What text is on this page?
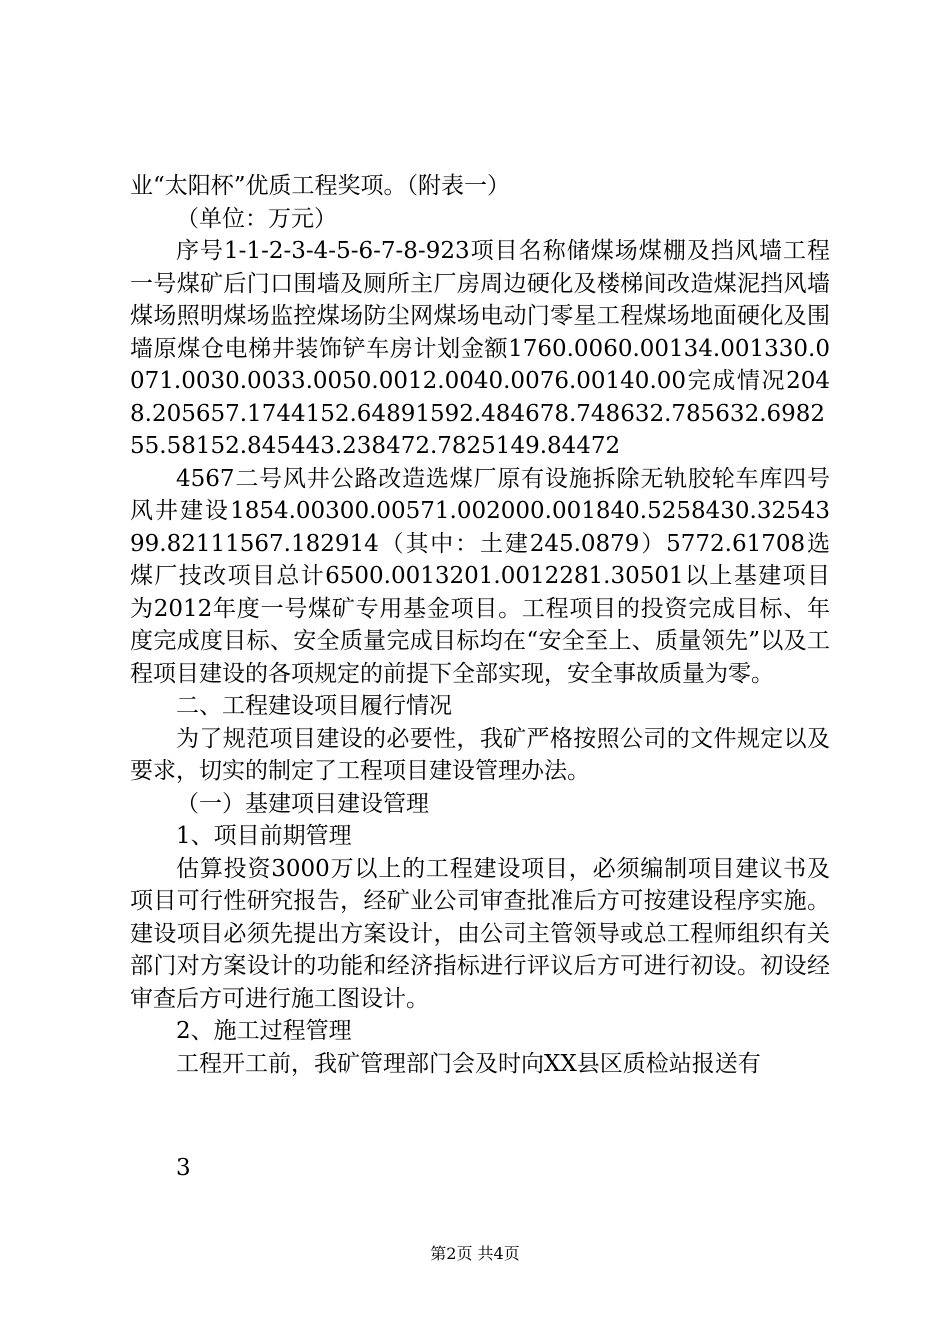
业“太阳杯”优质工程奖项。（附表一）

（单位：万元）

序号1-1-2-3-4-5-6-7-8-923项目名称储煤场煤棚及挡风墙工程一号煤矿后门口围墙及厕所主厂房周边硬化及楼梯间改造煤泥挡风墙煤场照明煤场监控煤场防尘网煤场电动门零星工程煤场地面硬化及围墙原煤仓电梯井装饰铲车房计划金额1760.0060.00134.001330.0071.0030.0033.0050.0012.0040.0076.00140.00完成情况2048.205657.1744152.64891592.484678.748632.785632.698255.58152.845443.238472.7825149.84472

4567二号风井公路改造选煤厂原有设施拆除无轨胶轮车库四号风井建设1854.00300.00571.002000.001840.5258430.3254399.82111567.182914（其中：土建245.0879）5772.61708选煤厂技改项目总计6500.0013201.0012281.30501以上基建项目为2012年度一号煤矿专用基金项目。工程项目的投资完成目标、年度完成度目标、安全质量完成目标均在“安全至上、质量领先”以及工程项目建设的各项规定的前提下全部实现，安全事故质量为零。

二、工程建设项目履行情况

为了规范项目建设的必要性，我矿严格按照公司的文件规定以及要求，切实的制定了工程项目建设管理办法。

（一）基建项目建设管理

1、项目前期管理

估算投资3000万以上的工程建设项目，必须编制项目建议书及项目可行性研究报告，经矿业公司审查批准后方可按建设程序实施。建设项目必须先提出方案设计，由公司主管领导或总工程师组织有关部门对方案设计的功能和经济指标进行评议后方可进行初设。初设经审查后方可进行施工图设计。

2、施工过程管理

工程开工前，我矿管理部门会及时向XX县区质检站报送有

3
第2页 共4页
